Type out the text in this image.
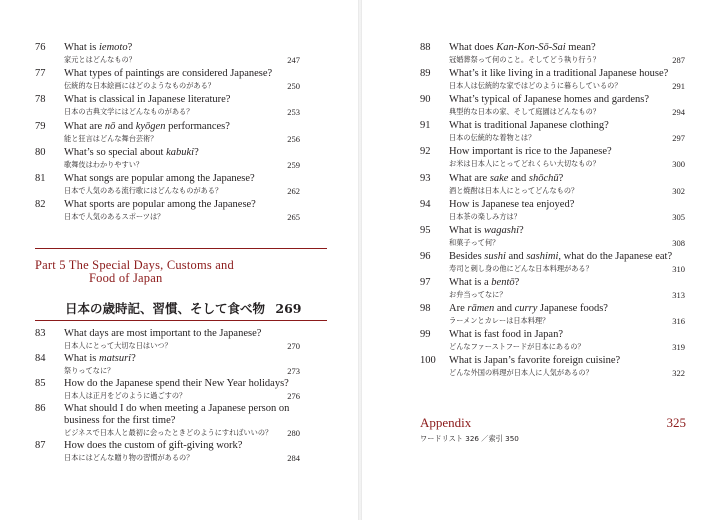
76	What is iemoto?
家元とはどんなもの？	247
77	What types of paintings are considered Japanese?
伝統的な日本絵画にはどのようなものがある？	250
78	What is classical in Japanese literature?
日本の古典文学にはどんなものがある？	253
79	What are nō and kyōgen performances?
能と狂言はどんな舞台芸術？	256
80	What’s so special about kabuki?
歌舞伎はわかりやすい？	259
81	What songs are popular among the Japanese?
日本で人気のある流行歌にはどんなものがある？	262
82	What sports are popular among the Japanese?
日本で人気のあるスポーツは？	265
Part 5 The Special Days, Customs and
Food of Japan
日本の歳時記、習慣、そして食べ物 269
83	What days are most important to the Japanese?
日本人にとって大切な日はいつ？	270
84	What is matsuri?
祭りってなに？	273
85	How do the Japanese spend their New Year holidays?
日本人は正月をどのように過ごすの？	276
86	What should I do when meeting a Japanese person on
business for the first time?
ビジネスで日本人と最初に会ったときどのようにすればいいの？	280
87	How does the custom of gift-giving work?
日本にはどんな贈り物の習慣があるの？	284
88	What does Kan-Kon-Sō-Sai mean?
冠婚葬祭って何のこと。そしてどう執り行う？	287
89	What’s it like living in a traditional Japanese house?
日本人は伝統的な家ではどのように暮らしているの？	291
90	What’s typical of Japanese homes and gardens?
典型的な日本の家、そして庭園はどんなもの？	294
91	What is traditional Japanese clothing?
日本の伝統的な着物とは？	297
92	How important is rice to the Japanese?
お米は日本人にとってどれくらい大切なもの？	300
93	What are sake and shōchū?
酒と焼酎は日本人にとってどんなもの？	302
94	How is Japanese tea enjoyed?
日本茶の楽しみ方は？	305
95	What is wagashi?
和菓子って何？	308
96	Besides sushi and sashimi, what do the Japanese eat?
寿司と刺し身の他にどんな日本料理がある？	310
97	What is a bentō?
お弁当ってなに？	313
98	Are rāmen and curry Japanese foods?
ラーメンとカレーは日本料理？	316
99	What is fast food in Japan?
どんなファーストフードが日本にあるの？	319
100	What is Japan’s favorite foreign cuisine?
どんな外国の料理が日本人に人気があるの？	322
Appendix	325
ワードリスト 326 ／索引 350
